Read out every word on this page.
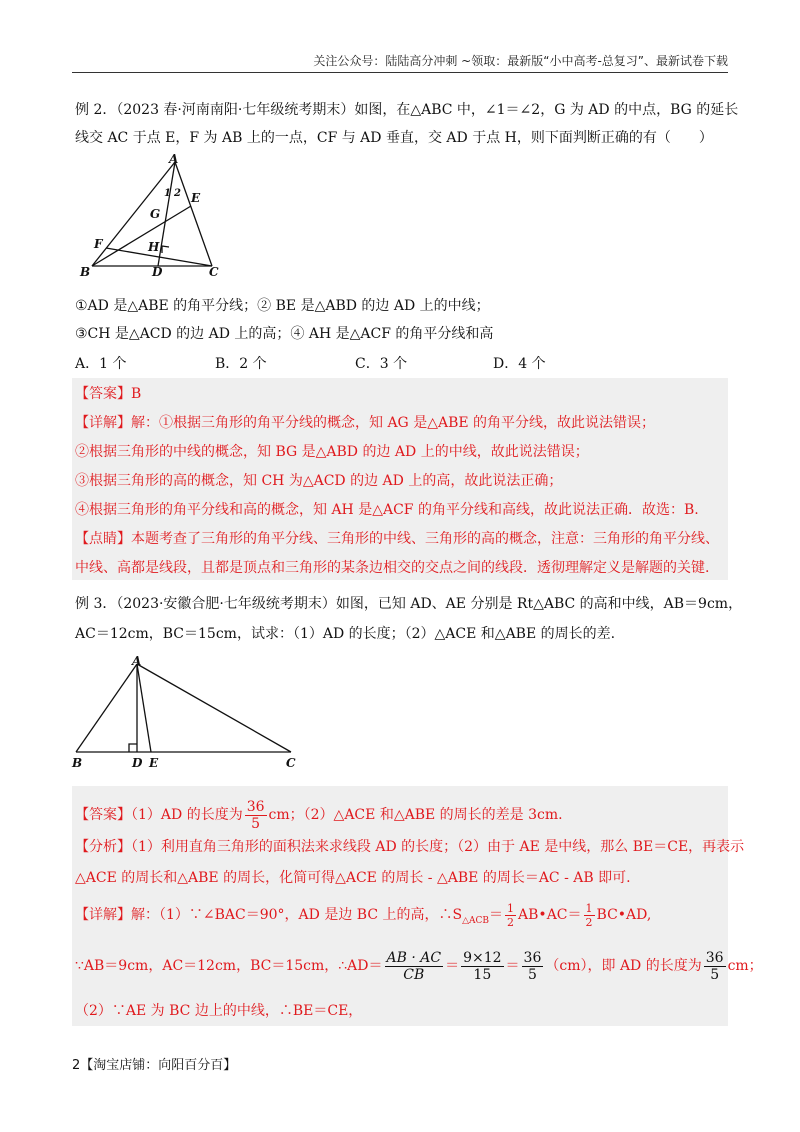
关注公众号：陆陆高分冲刺 ~领取：最新版“小中高考-总复习”、最新试卷下载
例 2．（2023 春·河南南阳·七年级统考期末）如图，在△ABC 中，∠1＝∠2，G 为 AD 的中点，BG 的延长
线交 AC 于点 E，F 为 AB 上的一点，CF 与 AD 垂直，交 AD 于点 H，则下面判断正确的有（　　）
A
B	C
D
E
F
G
H
1 2
①AD 是△ABE 的角平分线；② BE 是△ABD 的边 AD 上的中线；
③CH 是△ACD 的边 AD 上的高；④ AH 是△ACF 的角平分线和高
A．1 个	B．2 个	C．3 个	D．4 个
【答案】B
【详解】解：①根据三角形的角平分线的概念，知 AG 是△ABE 的角平分线，故此说法错误；
②根据三角形的中线的概念，知 BG 是△ABD 的边 AD 上的中线，故此说法错误；
③根据三角形的高的概念，知 CH 为△ACD 的边 AD 上的高，故此说法正确；
④根据三角形的角平分线和高的概念，知 AH 是△ACF 的角平分线和高线，故此说法正确．故选：B.
【点睛】本题考查了三角形的角平分线、三角形的中线、三角形的高的概念，注意：三角形的角平分线、
中线、高都是线段，且都是顶点和三角形的某条边相交的交点之间的线段．透彻理解定义是解题的关键.
例 3．（2023·安徽合肥·七年级统考期末）如图，已知 AD、AE 分别是 Rt△ABC 的高和中线，AB＝9cm，
AC＝12cm，BC＝15cm，试求：（1）AD 的长度；（2）△ACE 和△ABE 的周长的差.
A
B	C
D E
【答案】（1）AD 的长度为 $\frac{36}{5}$ cm；（2）△ACE 和△ABE 的周长的差是 3cm.
【分析】（1）利用直角三角形的面积法来求线段 AD 的长度；（2）由于 AE 是中线，那么 BE＝CE，再表示
△ACE 的周长和△ABE 的周长，化简可得△ACE 的周长 - △ABE 的周长＝AC - AB 即可.
【详解】解：（1）∵∠BAC＝90°，AD 是边 BC 上的高，$\therefore S_{\triangle ACB}= \frac{1}{2}$ AB•AC＝ $\frac{1}{2}$ BC•AD,
∵AB＝9cm，AC＝12cm，BC＝15cm，∴AD＝ $\frac{AB \cdot AC}{CB} = \frac{9\times 12}{15} = \frac{36}{5} (cm)$，即 AD 的长度为 $\frac{36}{5}$ cm；
（2）∵AE 为 BC 边上的中线，∴BE＝CE，
2【淘宝店铺：向阳百分百】
